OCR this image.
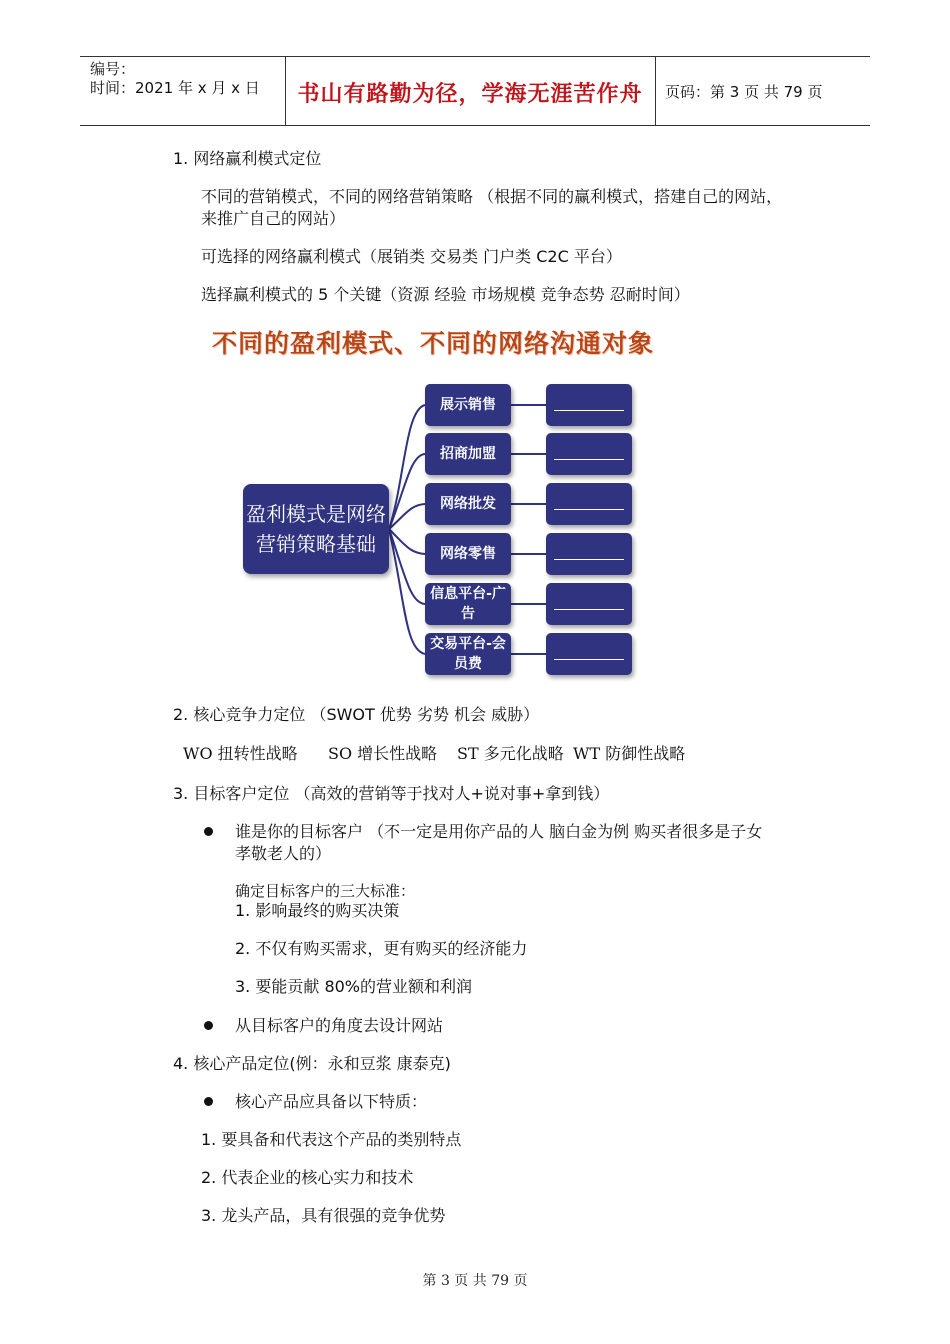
编号：
时间：2021 年 x 月 x 日	书山有路勤为径，学海无涯苦作舟	页码：第 3 页 共 79 页
1. 网络赢利模式定位
不同的营销模式，不同的网络营销策略 （根据不同的赢利模式，搭建自己的网站，
来推广自己的网站）
可选择的网络赢利模式（展销类 交易类 门户类 C2C 平台）
选择赢利模式的 5 个关键（资源 经验 市场规模 竞争态势 忍耐时间）
不同的盈利模式、不同的网络沟通对象
盈利模式是网络
营销策略基础
展示销售
招商加盟
网络批发
网络零售
信息平台-广
告
交易平台-会
员费
2. 核心竞争力定位 （SWOT 优势 劣势 机会 威胁）
WO 扭转性战略 SO 增长性战略 ST 多元化战略 WT 防御性战略
3. 目标客户定位 （高效的营销等于找对人+说对事+拿到钱）
谁是你的目标客户 （不一定是用你产品的人 脑白金为例 购买者很多是子女
孝敬老人的）
确定目标客户的三大标准：
1. 影响最终的购买决策
2. 不仅有购买需求，更有购买的经济能力
3. 要能贡献 80%的营业额和利润
从目标客户的角度去设计网站
4. 核心产品定位(例：永和豆浆 康泰克)
核心产品应具备以下特质：
1. 要具备和代表这个产品的类别特点
2. 代表企业的核心实力和技术
3. 龙头产品，具有很强的竞争优势
第 3 页 共 79 页
